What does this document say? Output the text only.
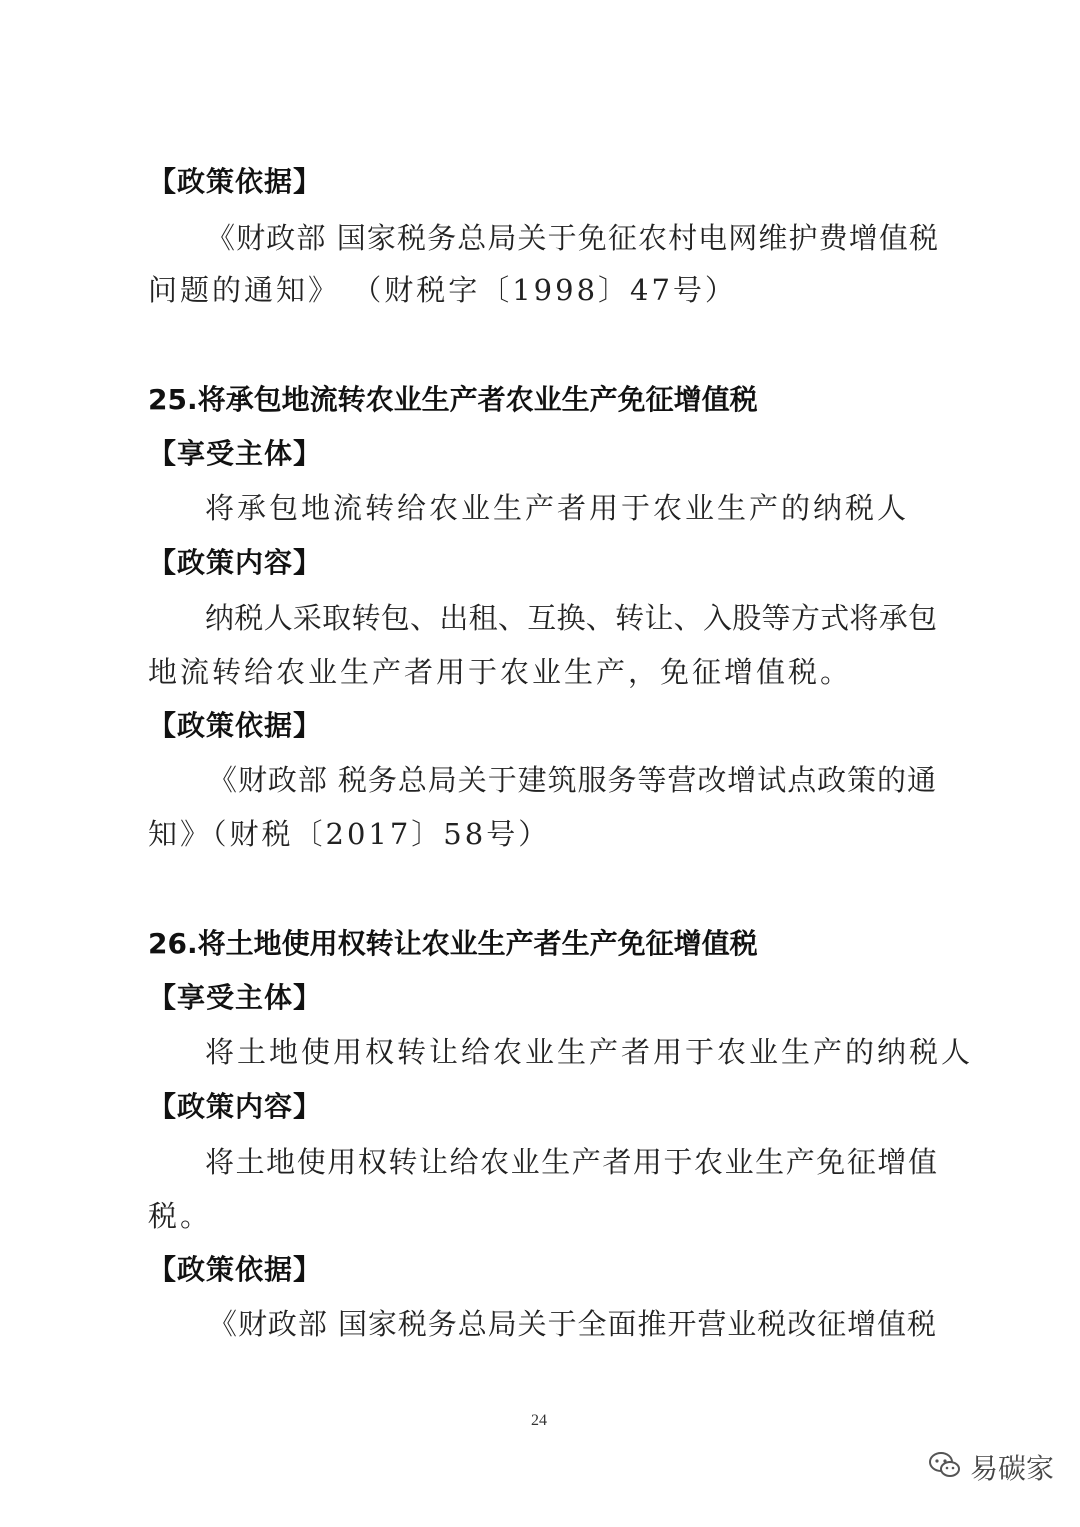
【政策依据】
《财政部 国家税务总局关于免征农村电网维护费增值税
问题的通知》 （财税字〔1998〕47号）
25.将承包地流转农业生产者农业生产免征增值税
【享受主体】
将承包地流转给农业生产者用于农业生产的纳税人
【政策内容】
纳税人采取转包、出租、互换、转让、入股等方式将承包
地流转给农业生产者用于农业生产，免征增值税。
【政策依据】
《财政部 税务总局关于建筑服务等营改增试点政策的通
知》（财税〔2017〕58号）
26.将土地使用权转让农业生产者生产免征增值税
【享受主体】
将土地使用权转让给农业生产者用于农业生产的纳税人
【政策内容】
将土地使用权转让给农业生产者用于农业生产免征增值
税。
【政策依据】
《财政部 国家税务总局关于全面推开营业税改征增值税
24
易碳家
